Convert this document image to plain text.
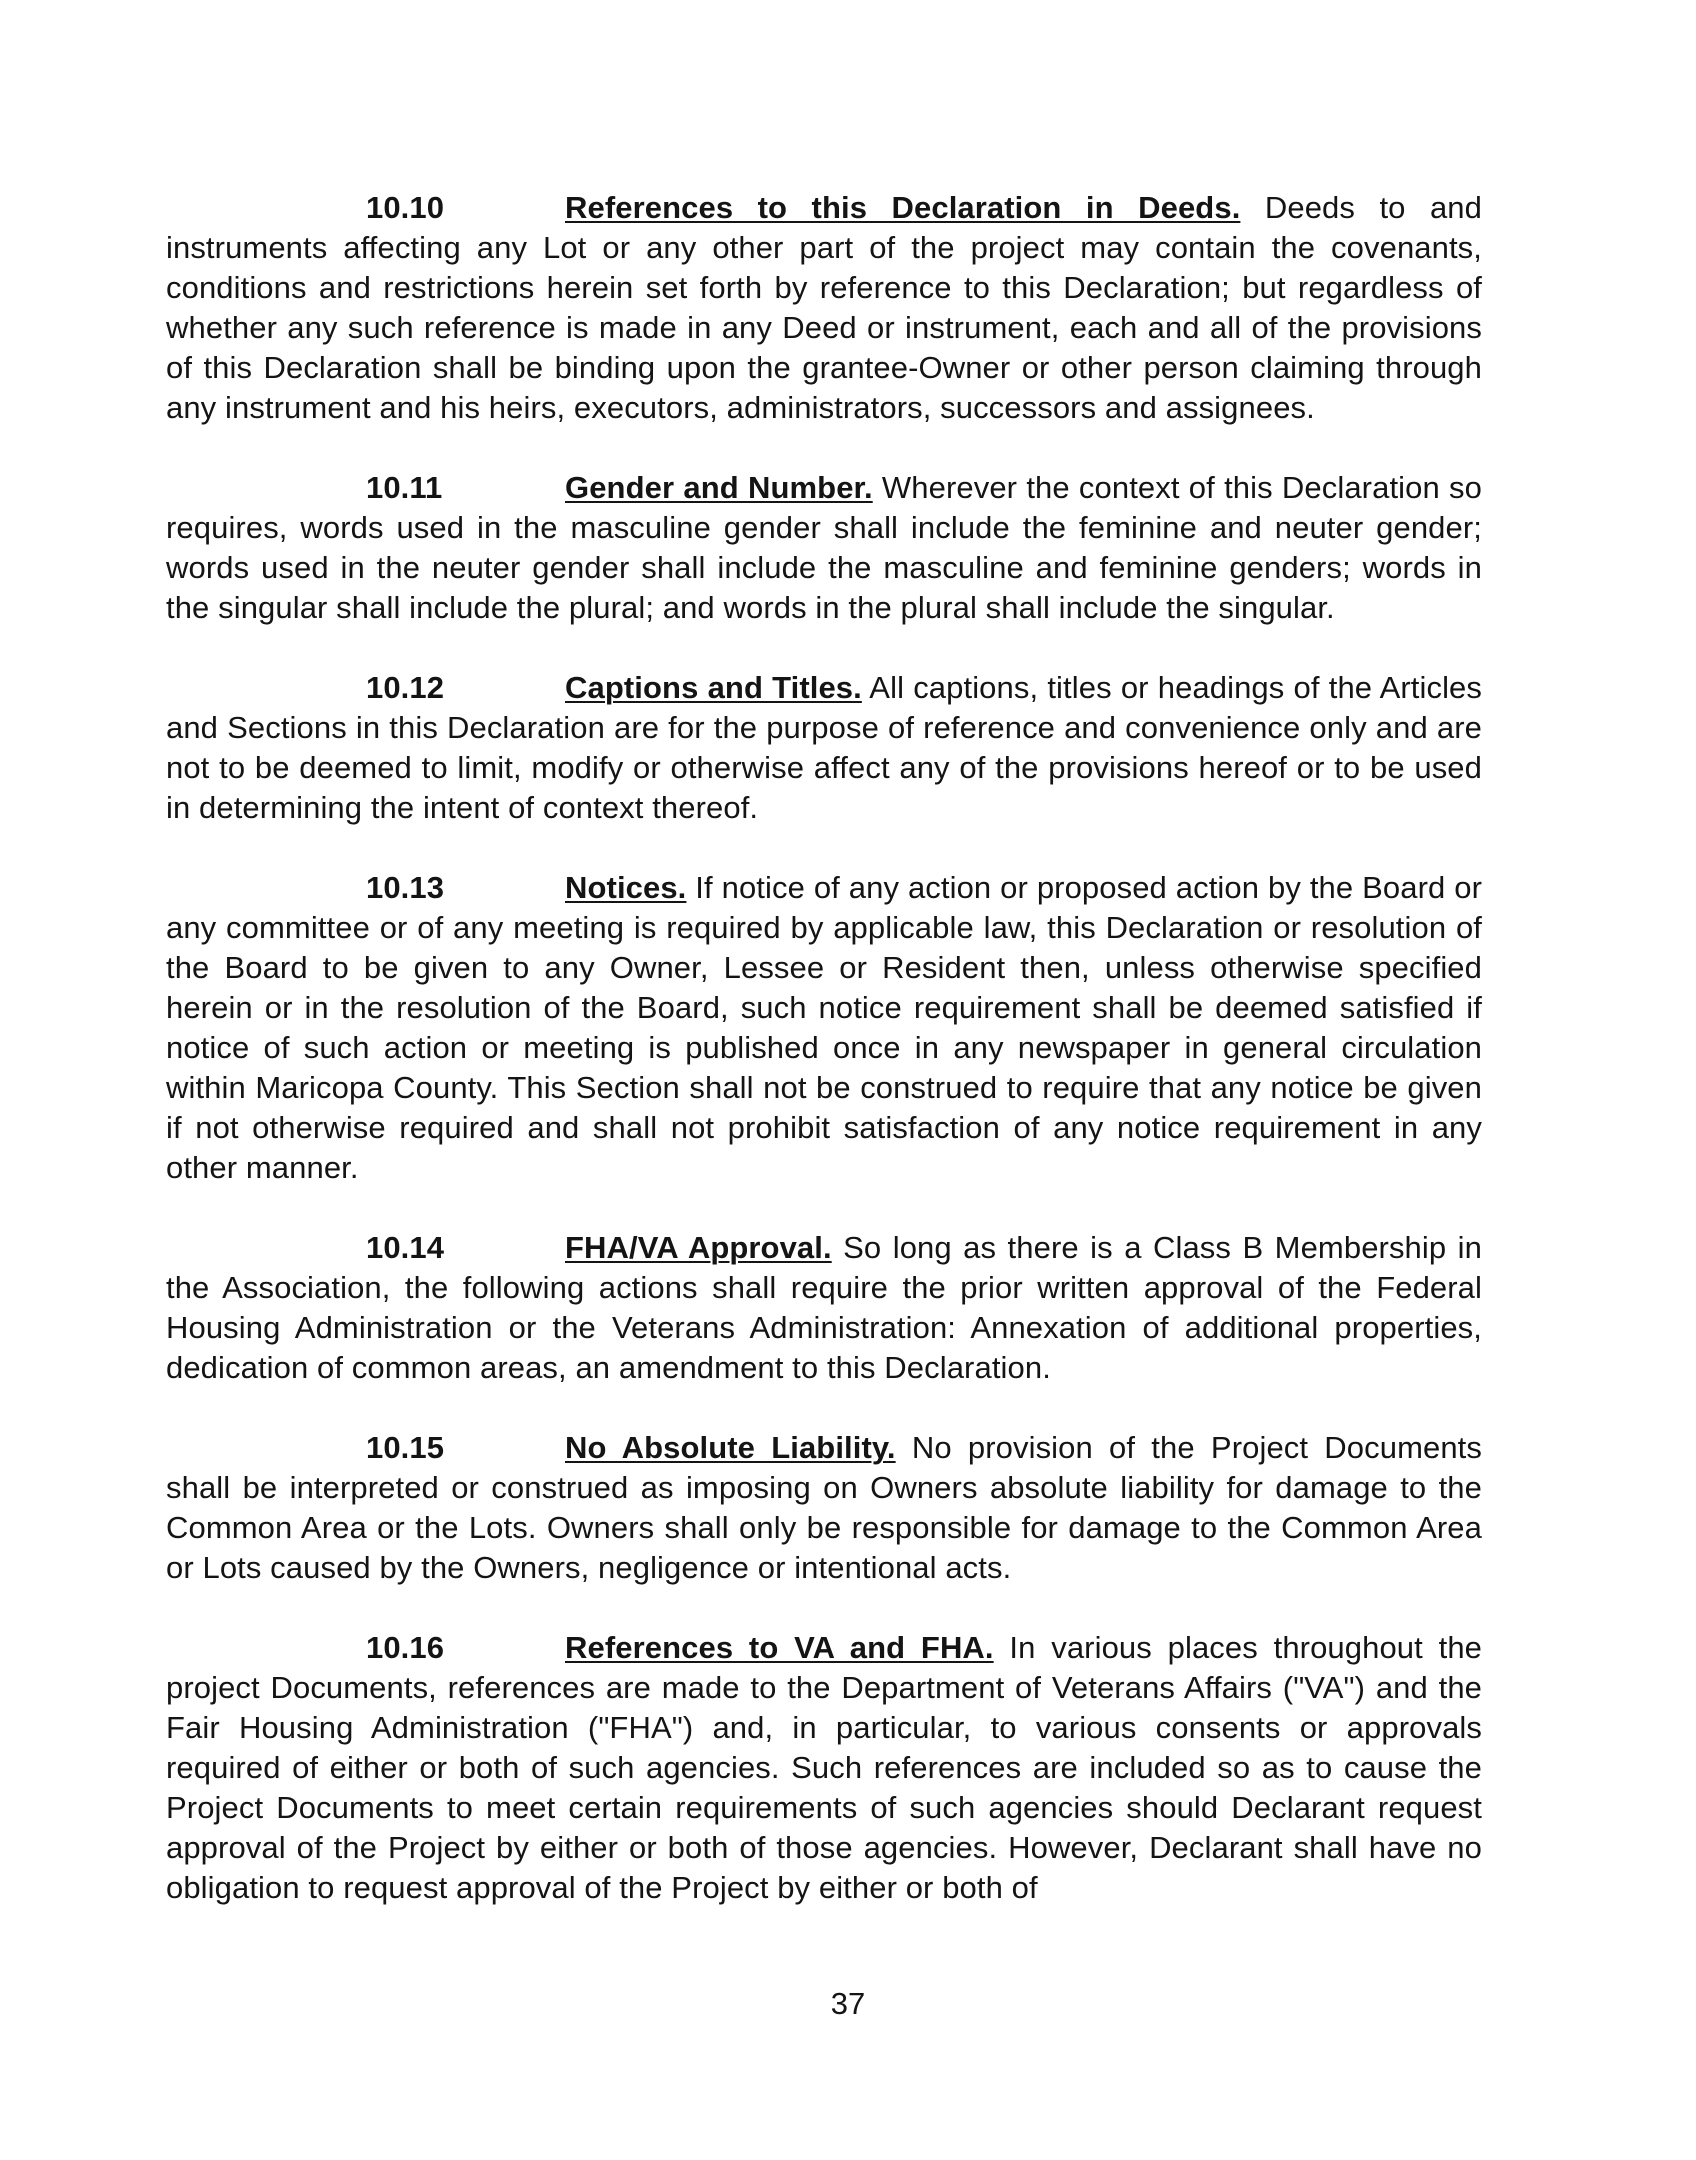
10.10	References to this Declaration in Deeds. Deeds to and instruments affecting any Lot or any other part of the project may contain the covenants, conditions and restrictions herein set forth by reference to this Declaration; but regardless of whether any such reference is made in any Deed or instrument, each and all of the provisions of this Declaration shall be binding upon the grantee-Owner or other person claiming through any instrument and his heirs, executors, administrators, successors and assignees.
10.11	Gender and Number. Wherever the context of this Declaration so requires, words used in the masculine gender shall include the feminine and neuter gender; words used in the neuter gender shall include the masculine and feminine genders; words in the singular shall include the plural; and words in the plural shall include the singular.
10.12	Captions and Titles. All captions, titles or headings of the Articles and Sections in this Declaration are for the purpose of reference and convenience only and are not to be deemed to limit, modify or otherwise affect any of the provisions hereof or to be used in determining the intent of context thereof.
10.13	Notices. If notice of any action or proposed action by the Board or any committee or of any meeting is required by applicable law, this Declaration or resolution of the Board to be given to any Owner, Lessee or Resident then, unless otherwise specified herein or in the resolution of the Board, such notice requirement shall be deemed satisfied if notice of such action or meeting is published once in any newspaper in general circulation within Maricopa County. This Section shall not be construed to require that any notice be given if not otherwise required and shall not prohibit satisfaction of any notice requirement in any other manner.
10.14	FHA/VA Approval. So long as there is a Class B Membership in the Association, the following actions shall require the prior written approval of the Federal Housing Administration or the Veterans Administration: Annexation of additional properties, dedication of common areas, an amendment to this Declaration.
10.15	No Absolute Liability. No provision of the Project Documents shall be interpreted or construed as imposing on Owners absolute liability for damage to the Common Area or the Lots. Owners shall only be responsible for damage to the Common Area or Lots caused by the Owners, negligence or intentional acts.
10.16	References to VA and FHA. In various places throughout the project Documents, references are made to the Department of Veterans Affairs ("VA") and the Fair Housing Administration ("FHA") and, in particular, to various consents or approvals required of either or both of such agencies. Such references are included so as to cause the Project Documents to meet certain requirements of such agencies should Declarant request approval of the Project by either or both of those agencies. However, Declarant shall have no obligation to request approval of the Project by either or both of
37
